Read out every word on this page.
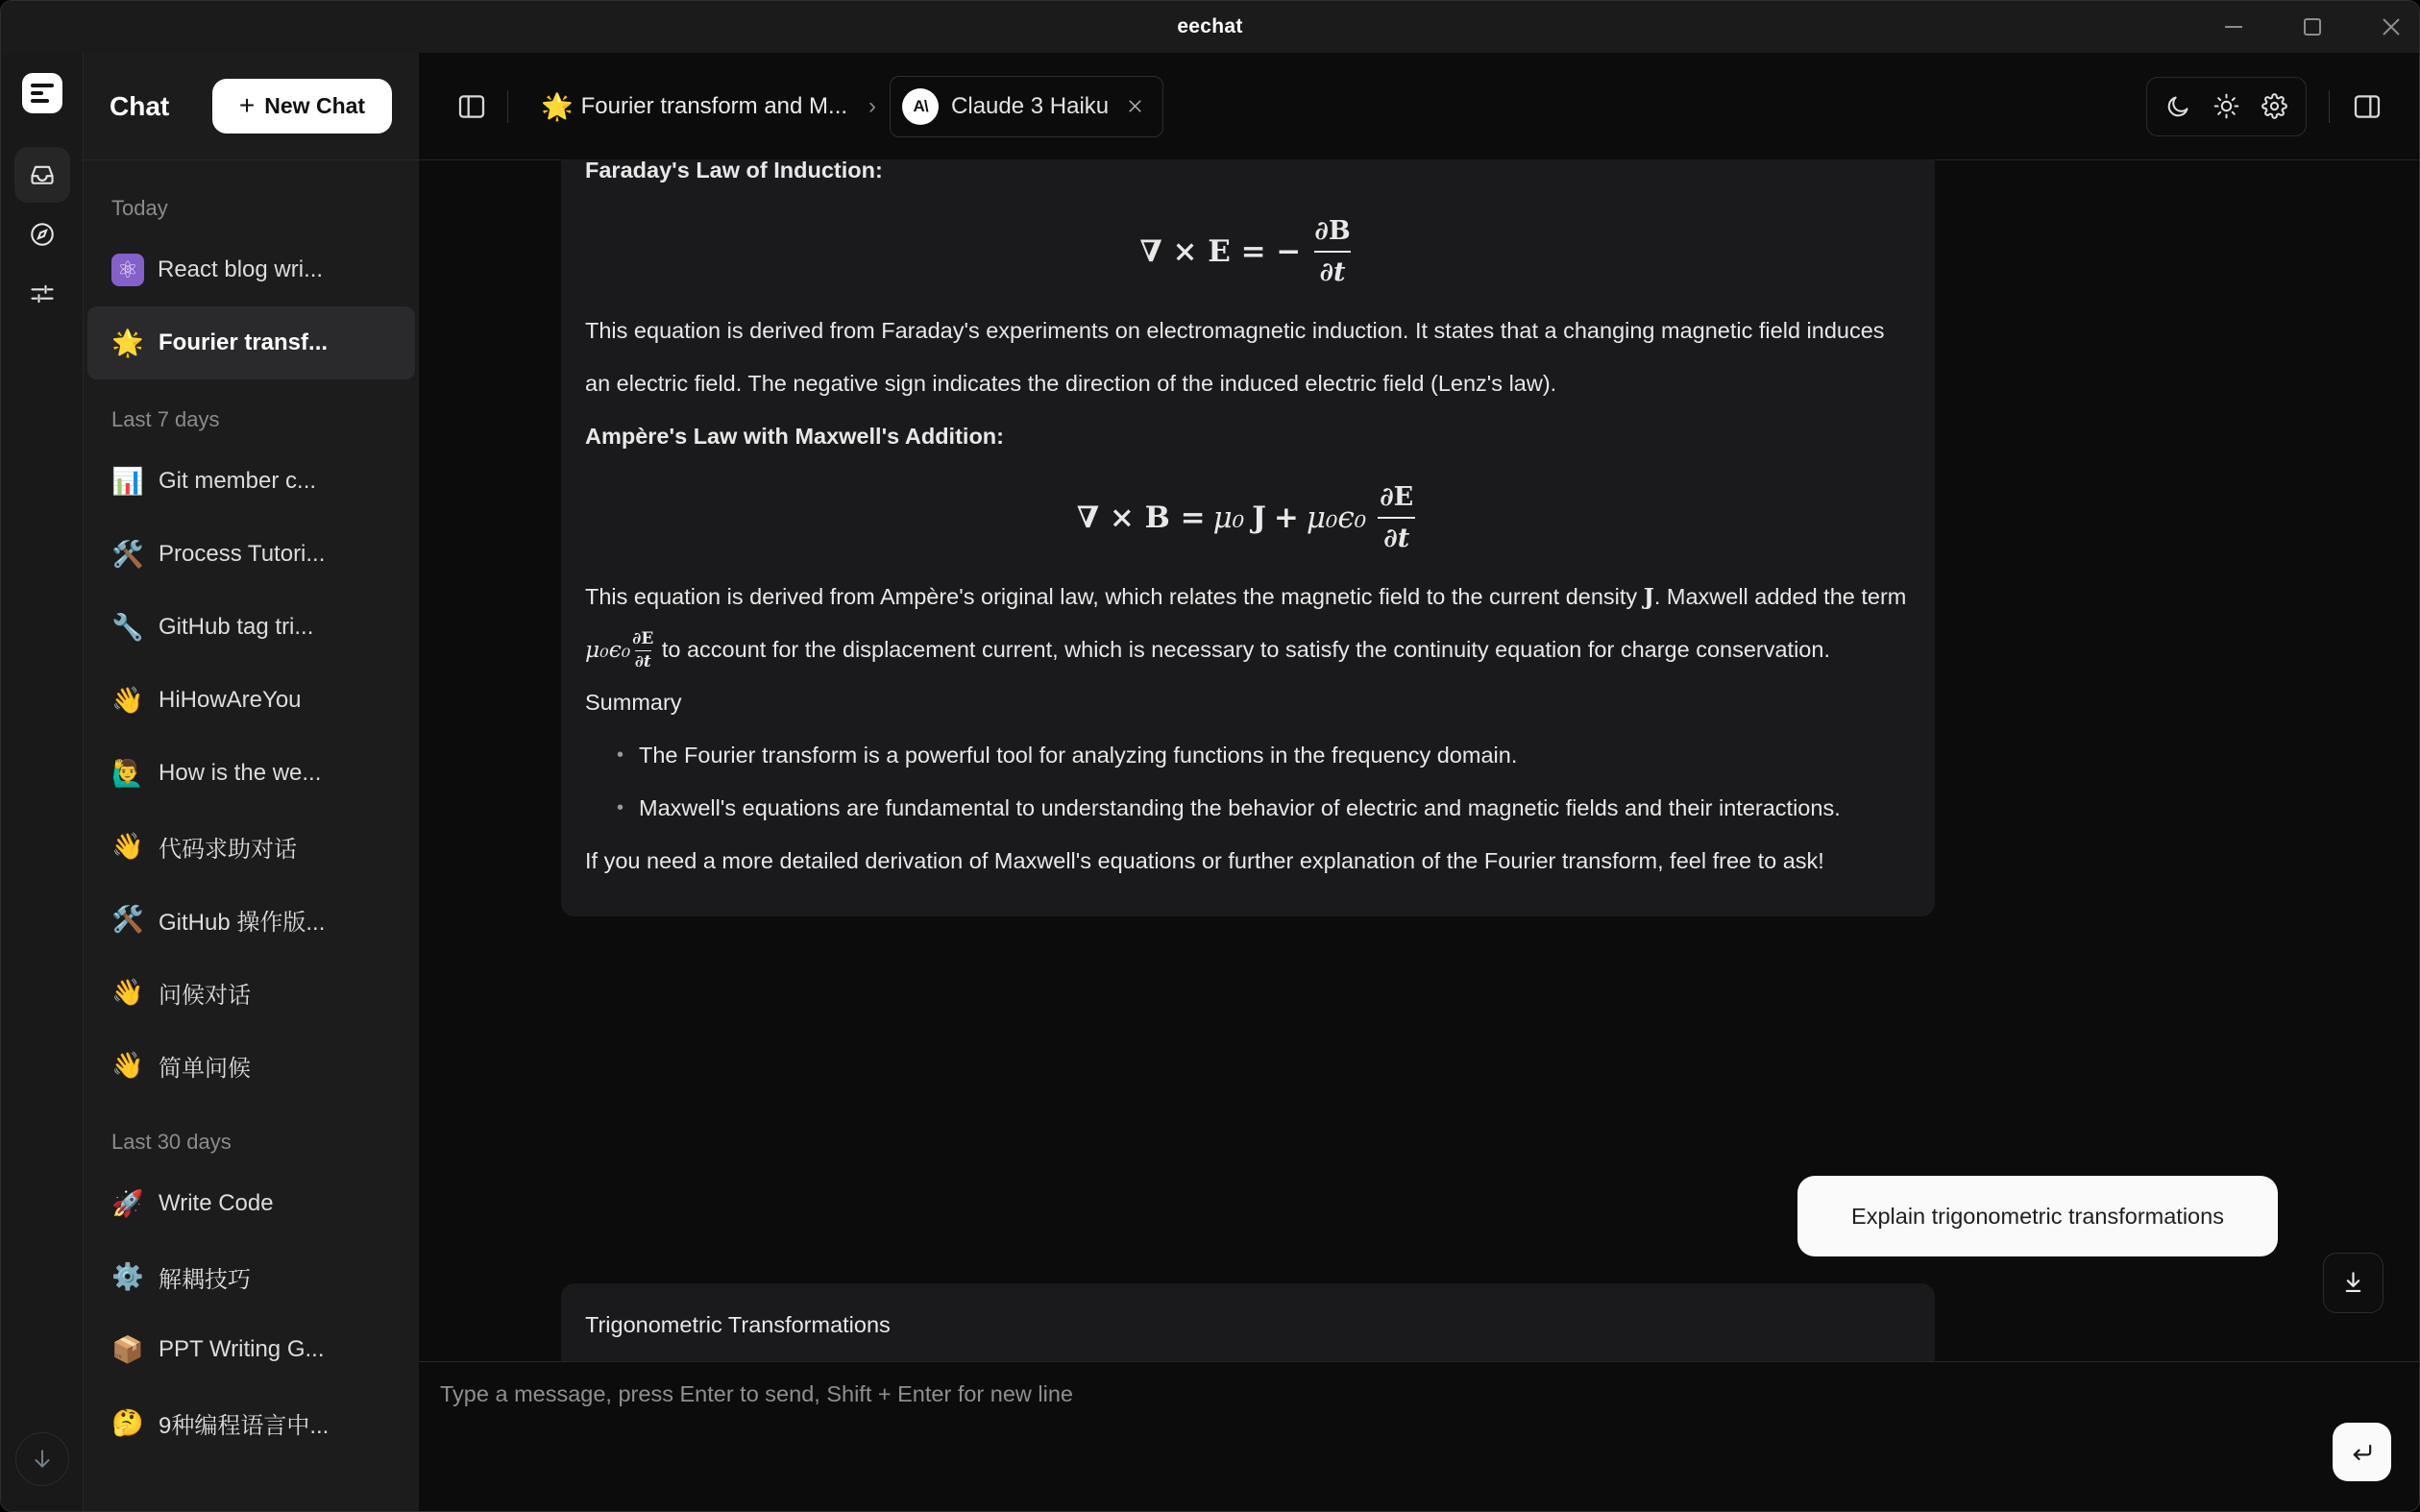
eechat
Chat	+ New Chat
Today
⚛ React blog wri...
🌟 Fourier transf...
Last 7 days
📊 Git member c...
🛠️ Process Tutori...
🔧 GitHub tag tri...
👋 HiHowAreYou
🙋‍♂️ How is the we...
👋 代码求助对话
🛠️ GitHub 操作版...
👋 问候对话
👋 简单问候
Last 30 days
🚀 Write Code
⚙️ 解耦技巧
📦 PPT Writing G...
🤔 9种编程语言中...
🌟 Fourier transform and M... ›	A\	Claude 3 Haiku
Faraday's Law of Induction:
∇ × E = − $\frac{\partial B}{\partial t}$

This equation is derived from Faraday's experiments on electromagnetic induction. It states that a changing magnetic field induces an electric field. The negative sign indicates the direction of the induced electric field (Lenz's law).

Ampère's Law with Maxwell's Addition:
∇ × B = μ₀ $J + \mu_0\epsilon_0 \frac{\partial E}{\partial t}$

This equation is derived from Ampère's original law, which relates the magnetic field to the current density J. Maxwell added the term $\mu_0\epsilon_0 \frac{\partial E}{\partial t}$ to account for the displacement current, which is necessary to satisfy the continuity equation for charge conservation.

Summary
• The Fourier transform is a powerful tool for analyzing functions in the frequency domain.
• Maxwell's equations are fundamental to understanding the behavior of electric and magnetic fields and their interactions.

If you need a more detailed derivation of Maxwell's equations or further explanation of the Fourier transform, feel free to ask!

Explain trigonometric transformations
Trigonometric Transformations
Type a message, press Enter to send, Shift + Enter for new line
